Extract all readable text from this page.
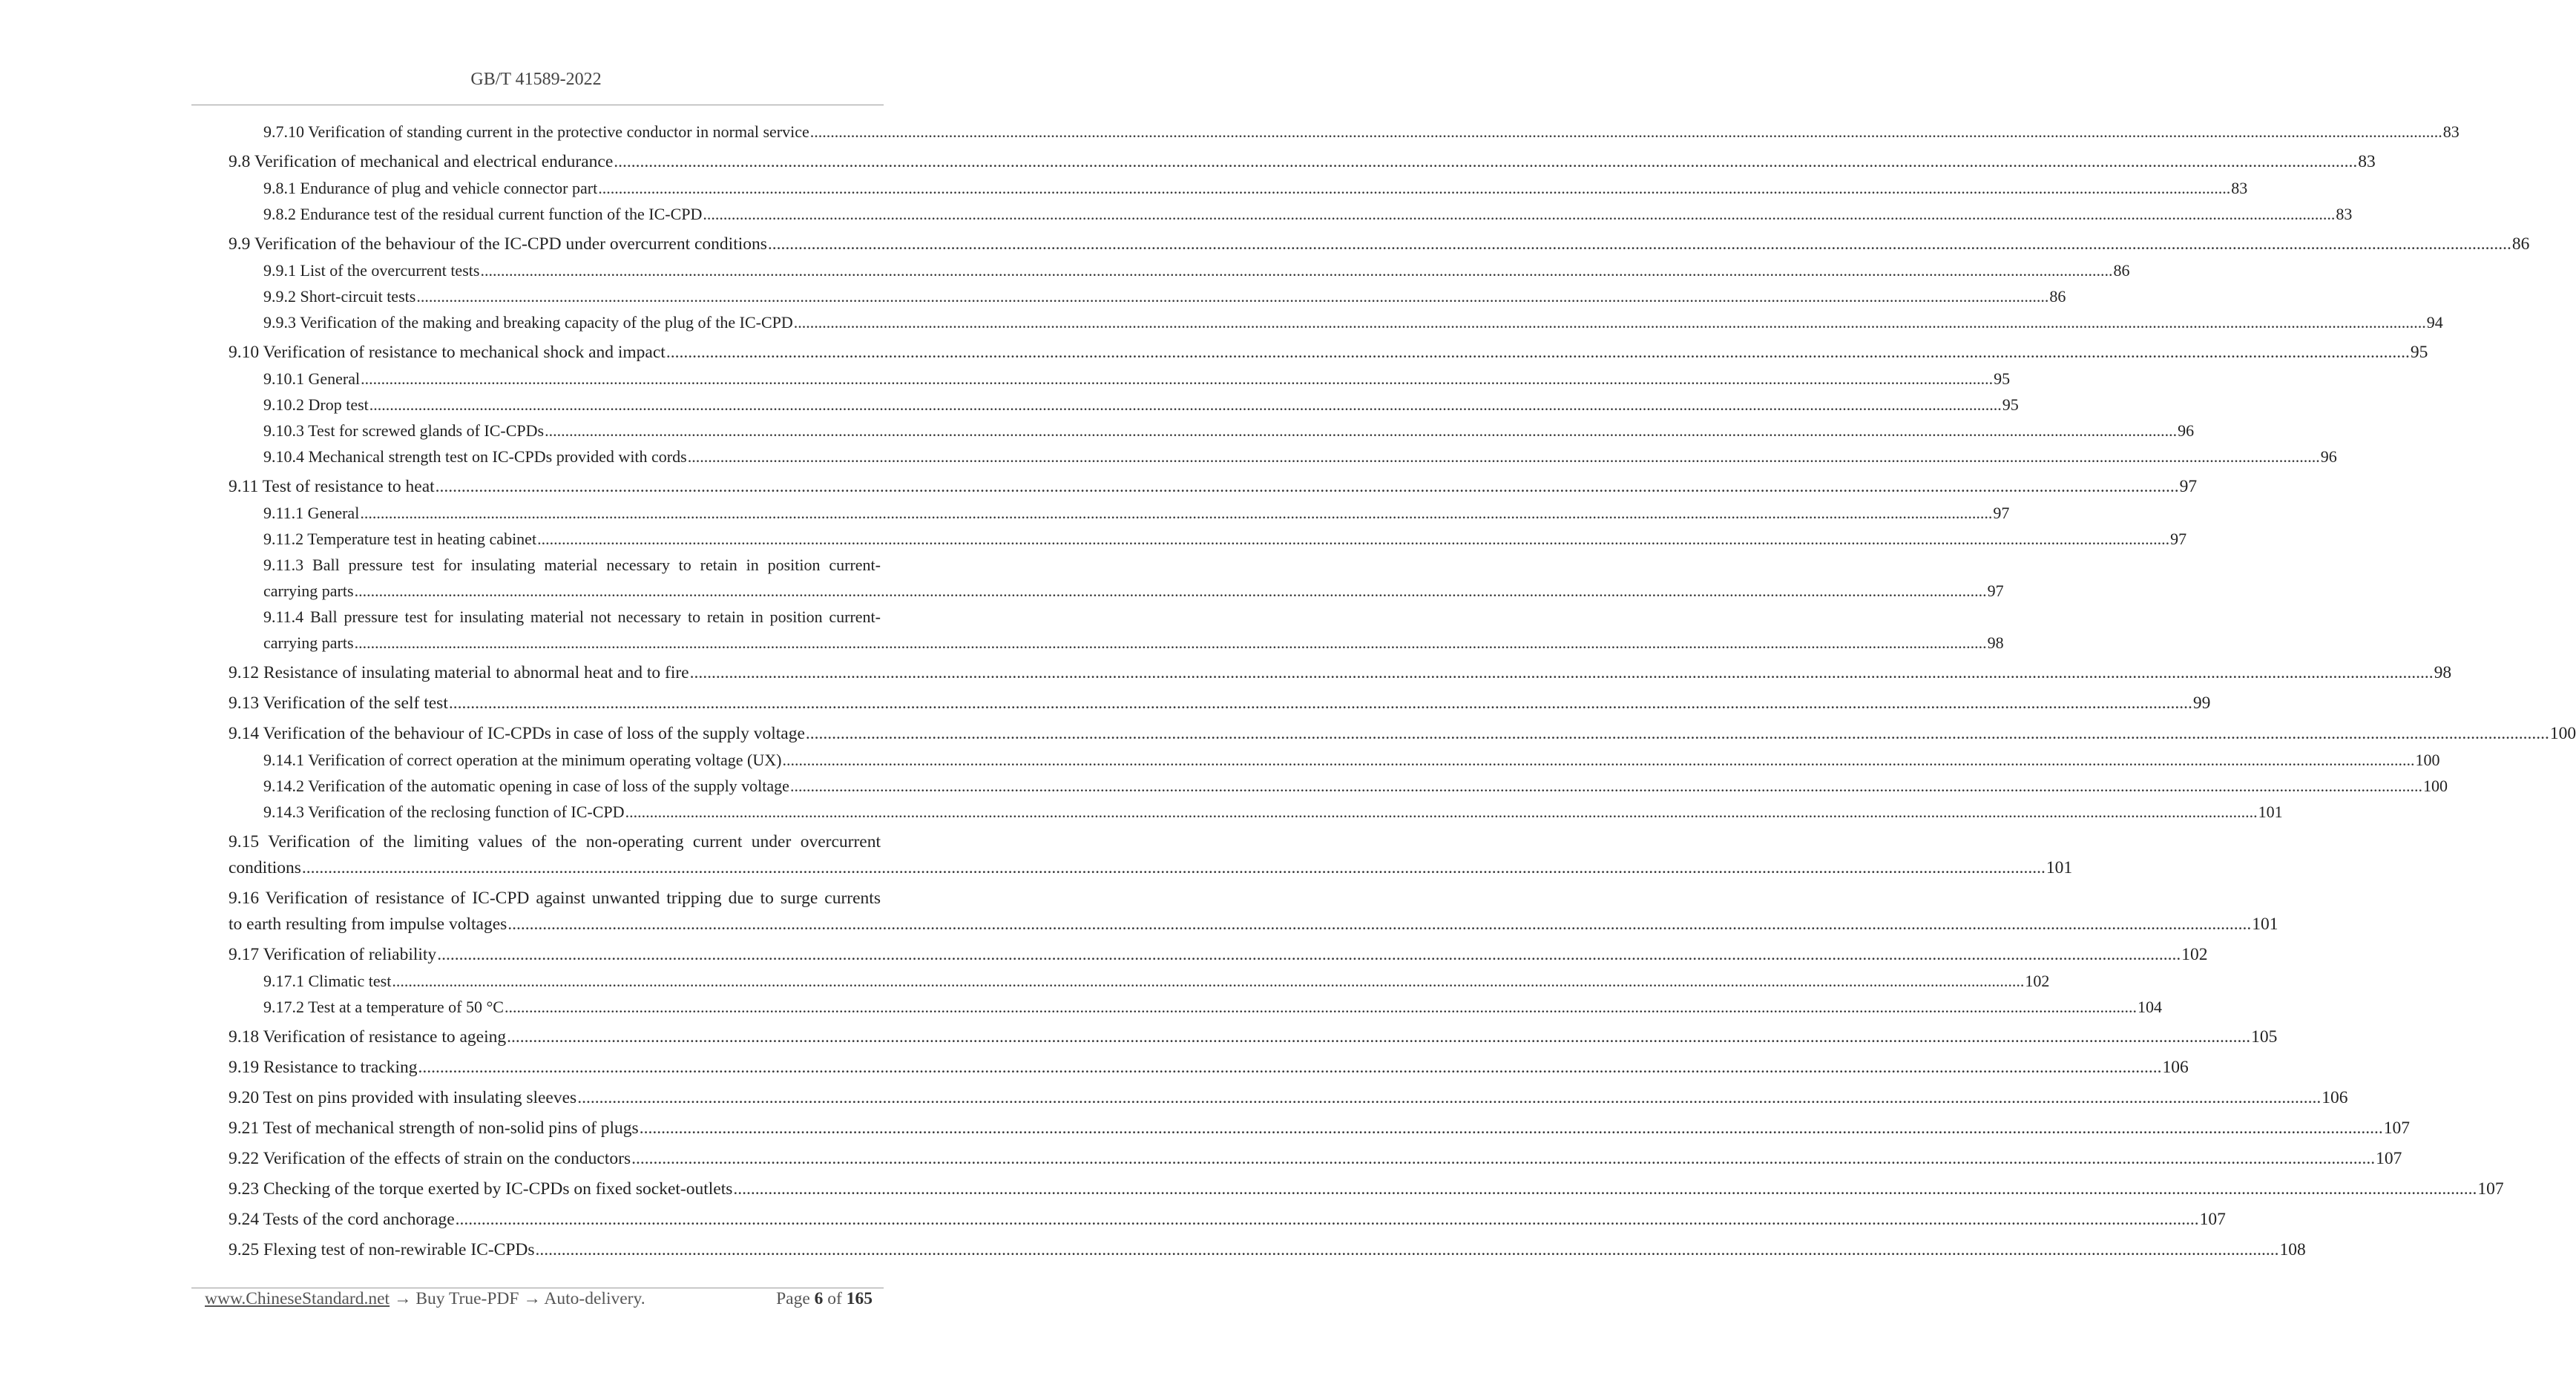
GB/T 41589-2022
9.7.10 Verification of standing current in the protective conductor in normal service ................................................................................................................................................................................................................................................................................................................................................................................................................ 83
9.8 Verification of mechanical and electrical endurance ................................................................................................................................................................................................................................................................................................................................................................................................................ 83
9.8.1 Endurance of plug and vehicle connector part ................................................................................................................................................................................................................................................................................................................................................................................................................ 83
9.8.2 Endurance test of the residual current function of the IC-CPD ................................................................................................................................................................................................................................................................................................................................................................................................................ 83
9.9 Verification of the behaviour of the IC-CPD under overcurrent conditions ................................................................................................................................................................................................................................................................................................................................................................................................................ 86
9.9.1 List of the overcurrent tests ................................................................................................................................................................................................................................................................................................................................................................................................................ 86
9.9.2 Short-circuit tests ................................................................................................................................................................................................................................................................................................................................................................................................................ 86
9.9.3 Verification of the making and breaking capacity of the plug of the IC-CPD ................................................................................................................................................................................................................................................................................................................................................................................................................ 94
9.10 Verification of resistance to mechanical shock and impact ................................................................................................................................................................................................................................................................................................................................................................................................................ 95
9.10.1 General ................................................................................................................................................................................................................................................................................................................................................................................................................ 95
9.10.2 Drop test ................................................................................................................................................................................................................................................................................................................................................................................................................ 95
9.10.3 Test for screwed glands of IC-CPDs ................................................................................................................................................................................................................................................................................................................................................................................................................ 96
9.10.4 Mechanical strength test on IC-CPDs provided with cords ................................................................................................................................................................................................................................................................................................................................................................................................................ 96
9.11 Test of resistance to heat ................................................................................................................................................................................................................................................................................................................................................................................................................ 97
9.11.1 General ................................................................................................................................................................................................................................................................................................................................................................................................................ 97
9.11.2 Temperature test in heating cabinet ................................................................................................................................................................................................................................................................................................................................................................................................................ 97
9.11.3 Ball pressure test for insulating material necessary to retain in position current-
carrying parts ................................................................................................................................................................................................................................................................................................................................................................................................................ 97
9.11.4 Ball pressure test for insulating material not necessary to retain in position current-
carrying parts ................................................................................................................................................................................................................................................................................................................................................................................................................ 98
9.12 Resistance of insulating material to abnormal heat and to fire ................................................................................................................................................................................................................................................................................................................................................................................................................ 98
9.13 Verification of the self test ................................................................................................................................................................................................................................................................................................................................................................................................................ 99
9.14 Verification of the behaviour of IC-CPDs in case of loss of the supply voltage ................................................................................................................................................................................................................................................................................................................................................................................................................ 100
9.14.1 Verification of correct operation at the minimum operating voltage (UX) ................................................................................................................................................................................................................................................................................................................................................................................................................ 100
9.14.2 Verification of the automatic opening in case of loss of the supply voltage ................................................................................................................................................................................................................................................................................................................................................................................................................ 100
9.14.3 Verification of the reclosing function of IC-CPD ................................................................................................................................................................................................................................................................................................................................................................................................................ 101
9.15 Verification of the limiting values of the non-operating current under overcurrent
conditions ................................................................................................................................................................................................................................................................................................................................................................................................................ 101
9.16 Verification of resistance of IC-CPD against unwanted tripping due to surge currents
to earth resulting from impulse voltages ................................................................................................................................................................................................................................................................................................................................................................................................................ 101
9.17 Verification of reliability ................................................................................................................................................................................................................................................................................................................................................................................................................ 102
9.17.1 Climatic test ................................................................................................................................................................................................................................................................................................................................................................................................................ 102
9.17.2 Test at a temperature of 50 °C ................................................................................................................................................................................................................................................................................................................................................................................................................ 104
9.18 Verification of resistance to ageing ................................................................................................................................................................................................................................................................................................................................................................................................................ 105
9.19 Resistance to tracking ................................................................................................................................................................................................................................................................................................................................................................................................................ 106
9.20 Test on pins provided with insulating sleeves ................................................................................................................................................................................................................................................................................................................................................................................................................ 106
9.21 Test of mechanical strength of non-solid pins of plugs ................................................................................................................................................................................................................................................................................................................................................................................................................ 107
9.22 Verification of the effects of strain on the conductors ................................................................................................................................................................................................................................................................................................................................................................................................................ 107
9.23 Checking of the torque exerted by IC-CPDs on fixed socket-outlets ................................................................................................................................................................................................................................................................................................................................................................................................................ 107
9.24 Tests of the cord anchorage ................................................................................................................................................................................................................................................................................................................................................................................................................ 107
9.25 Flexing test of non-rewirable IC-CPDs ................................................................................................................................................................................................................................................................................................................................................................................................................ 108
www.ChineseStandard.net → Buy True-PDF → Auto-delivery.	Page 6 of 165
